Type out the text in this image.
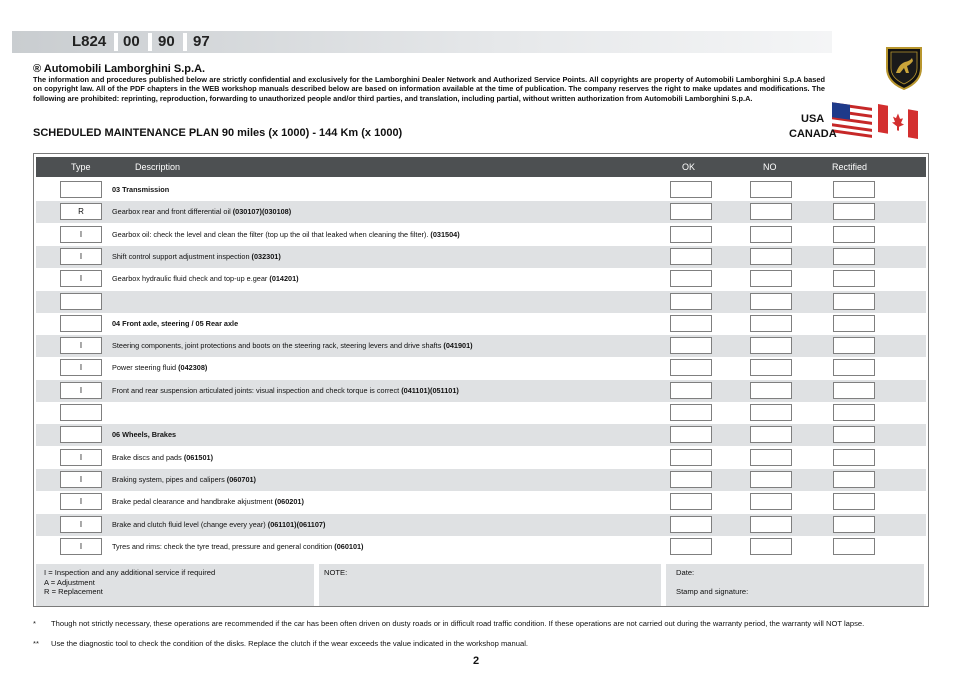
L824 00 90 97
® Automobili Lamborghini S.p.A.
The information and procedures published below are strictly confidential and exclusively for the Lamborghini Dealer Network and Authorized Service Points. All copyrights are property of Automobili Lamborghini S.p.A based on copyright law. All of the PDF chapters in the WEB workshop manuals described below are based on information available at the time of publication. The company reserves the right to make updates and modifications. The following are prohibited: reprinting, reproduction, forwarding to unauthorized people and/or third parties, and translation, including partial, without written authorization from Automobili Lamborghini S.p.A.
USA
CANADA
SCHEDULED MAINTENANCE PLAN 90 miles (x 1000) - 144 Km (x 1000)
Type	Description	OK	NO	Rectified
03 Transmission
R	Gearbox rear and front differential oil (030107)(030108)
I	Gearbox oil: check the level and clean the filter (top up the oil that leaked when cleaning the filter). (031504)
I	Shift control support adjustment inspection (032301)
I	Gearbox hydraulic fluid check and top-up e.gear (014201)
04 Front axle, steering / 05 Rear axle
I	Steering components, joint protections and boots on the steering rack, steering levers and drive shafts (041901)
I	Power steering fluid (042308)
I	Front and rear suspension articulated joints: visual inspection and check torque is correct (041101)(051101)
06 Wheels, Brakes
I	Brake discs and pads (061501)
I	Braking system, pipes and calipers (060701)
I	Brake pedal clearance and handbrake akjustment (060201)
I	Brake and clutch fluid level (change every year) (061101)(061107)
I	Tyres and rims: check the tyre tread, pressure and general condition (060101)
I = Inspection and any additional service if required
A = Adjustment
R = Replacement
NOTE:	Date:
Stamp and signature:
*	Though not strictly necessary, these operations are recommended if the car has been often driven on dusty roads or in difficult road traffic condition. If these operations are not carried out during the warranty period, the warranty will NOT lapse.
**	Use the diagnostic tool to check the condition of the disks. Replace the clutch if the wear exceeds the value indicated in the workshop manual.
2
